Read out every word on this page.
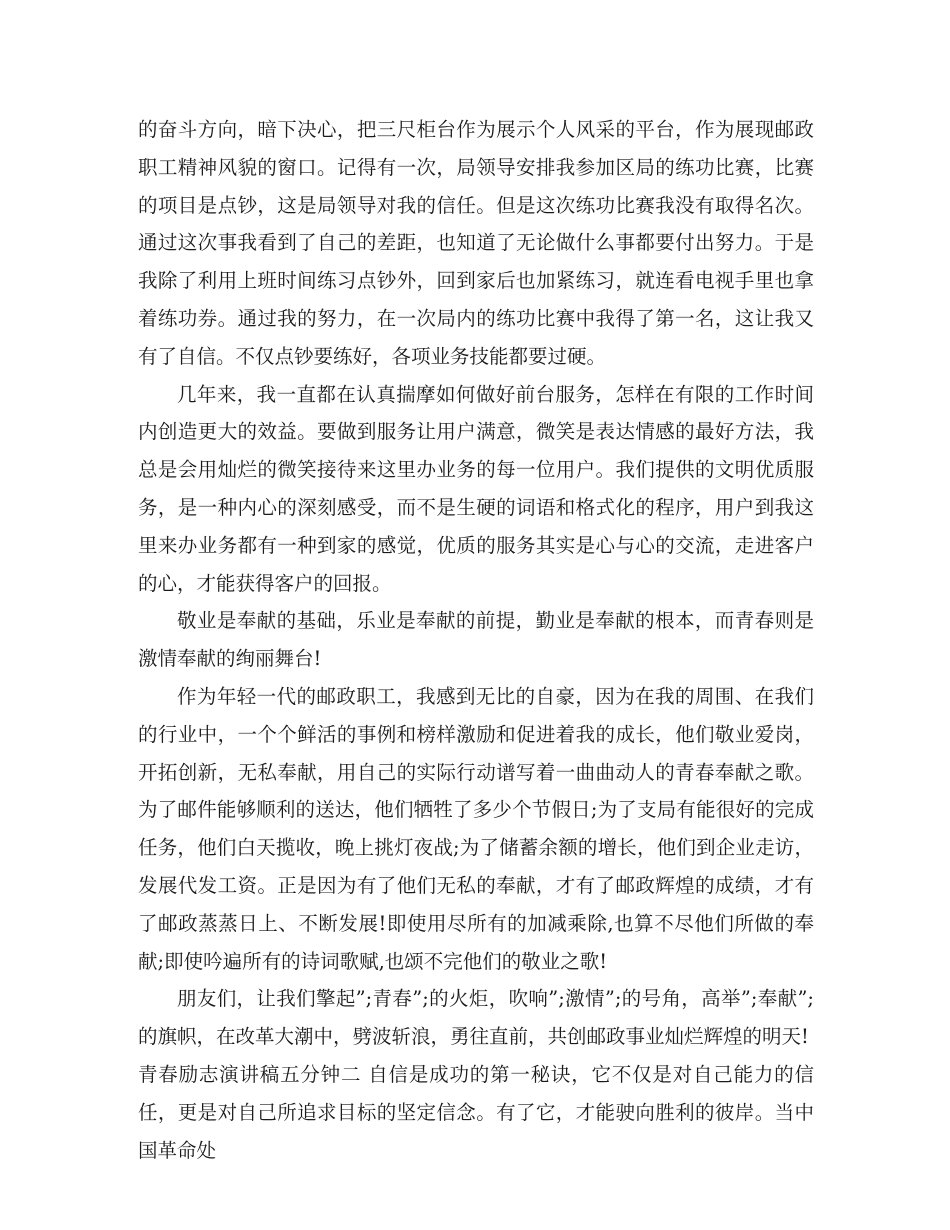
的奋斗方向，暗下决心，把三尺柜台作为展示个人风采的平台，作为展现邮政职工精神风貌的窗口。记得有一次，局领导安排我参加区局的练功比赛，比赛的项目是点钞，这是局领导对我的信任。但是这次练功比赛我没有取得名次。通过这次事我看到了自己的差距，也知道了无论做什么事都要付出努力。于是我除了利用上班时间练习点钞外，回到家后也加紧练习，就连看电视手里也拿着练功券。通过我的努力，在一次局内的练功比赛中我得了第一名，这让我又有了自信。不仅点钞要练好，各项业务技能都要过硬。

几年来，我一直都在认真揣摩如何做好前台服务，怎样在有限的工作时间内创造更大的效益。要做到服务让用户满意，微笑是表达情感的最好方法，我总是会用灿烂的微笑接待来这里办业务的每一位用户。我们提供的文明优质服务，是一种内心的深刻感受，而不是生硬的词语和格式化的程序，用户到我这里来办业务都有一种到家的感觉，优质的服务其实是心与心的交流，走进客户的心，才能获得客户的回报。

敬业是奉献的基础，乐业是奉献的前提，勤业是奉献的根本，而青春则是激情奉献的绚丽舞台!

作为年轻一代的邮政职工，我感到无比的自豪，因为在我的周围、在我们的行业中，一个个鲜活的事例和榜样激励和促进着我的成长，他们敬业爱岗，开拓创新，无私奉献，用自己的实际行动谱写着一曲曲动人的青春奉献之歌。为了邮件能够顺利的送达，他们牺牲了多少个节假日;为了支局有能很好的完成任务，他们白天揽收，晚上挑灯夜战;为了储蓄余额的增长，他们到企业走访，发展代发工资。正是因为有了他们无私的奉献，才有了邮政辉煌的成绩，才有了邮政蒸蒸日上、不断发展!即使用尽所有的加减乘除,也算不尽他们所做的奉献;即使吟遍所有的诗词歌赋,也颂不完他们的敬业之歌!

朋友们，让我们擎起”;青春”;的火炬，吹响”;激情”;的号角，高举”;奉献”;的旗帜，在改革大潮中，劈波斩浪，勇往直前，共创邮政事业灿烂辉煌的明天!

青春励志演讲稿五分钟二 自信是成功的第一秘诀，它不仅是对自己能力的信任，更是对自己所追求目标的坚定信念。有了它，才能驶向胜利的彼岸。当中国革命处
